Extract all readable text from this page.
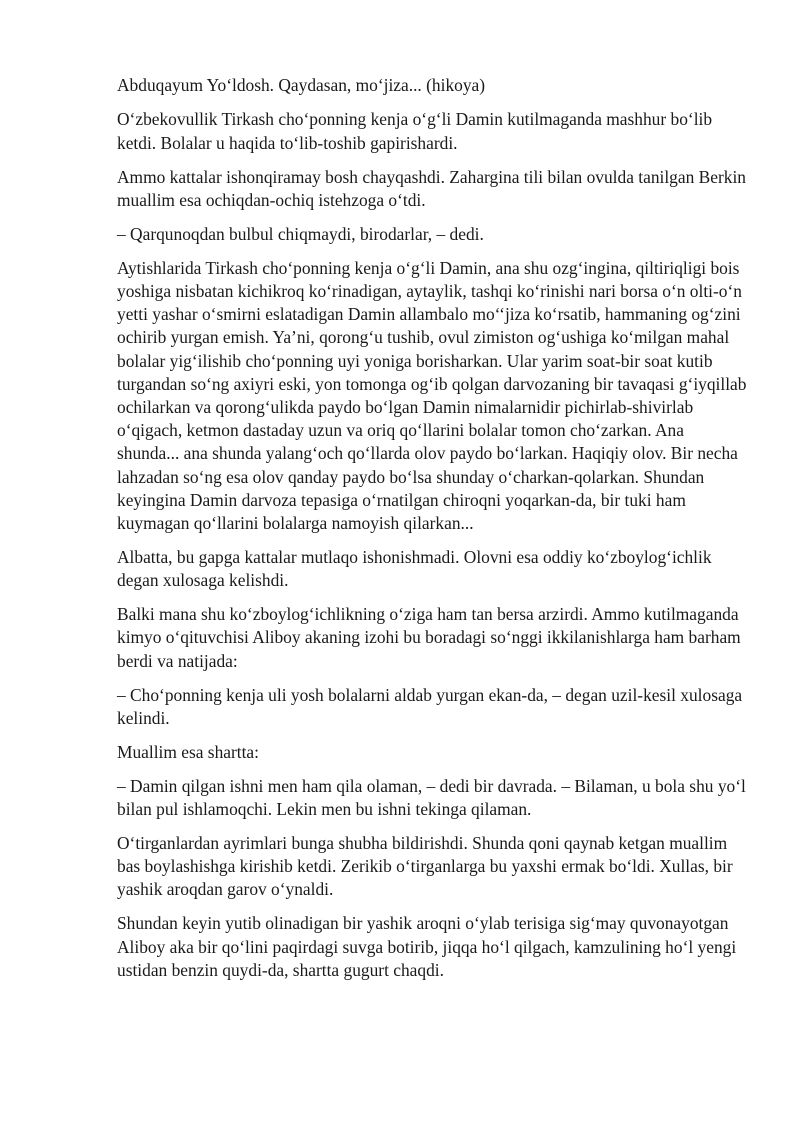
Abduqayum Yo‘ldosh. Qaydasan, mo‘jiza... (hikoya)

O‘zbekovullik Tirkash cho‘ponning kenja o‘g‘li Damin kutilmaganda mashhur bo‘lib ketdi. Bolalar u haqida to‘lib-toshib gapirishardi.

Ammo kattalar ishonqiramay bosh chayqashdi. Zahargina tili bilan ovulda tanilgan Berkin muallim esa ochiqdan-ochiq istehzoga o‘tdi.

– Qarqunoqdan bulbul chiqmaydi, birodarlar, – dedi.

Aytishlarida Tirkash cho‘ponning kenja o‘g‘li Damin, ana shu ozg‘ingina, qiltiriqligi bois yoshiga nisbatan kichikroq ko‘rinadigan, aytaylik, tashqi ko‘rinishi nari borsa o‘n olti-o‘n yetti yashar o‘smirni eslatadigan Damin allambalo mo‘‘jiza ko‘rsatib, hammaning og‘zini ochirib yurgan emish. Ya’ni, qorong‘u tushib, ovul zimiston og‘ushiga ko‘milgan mahal bolalar yig‘ilishib cho‘ponning uyi yoniga borisharkan. Ular yarim soat-bir soat kutib turgandan so‘ng axiyri eski, yon tomonga og‘ib qolgan darvozaning bir tavaqasi g‘iyqillab ochilarkan va qorong‘ulikda paydo bo‘lgan Damin nimalarnidir pichirlab-shivirlab o‘qigach, ketmon dastaday uzun va oriq qo‘llarini bolalar tomon cho‘zarkan. Ana shunda... ana shunda yalang‘och qo‘llarda olov paydo bo‘larkan. Haqiqiy olov. Bir necha lahzadan so‘ng esa olov qanday paydo bo‘lsa shunday o‘charkan-qolarkan. Shundan keyingina Damin darvoza tepasiga o‘rnatilgan chiroqni yoqarkan-da, bir tuki ham kuymagan qo‘llarini bolalarga namoyish qilarkan...

Albatta, bu gapga kattalar mutlaqo ishonishmadi. Olovni esa oddiy ko‘zboylog‘ichlik degan xulosaga kelishdi.

Balki mana shu ko‘zboylog‘ichlikning o‘ziga ham tan bersa arzirdi. Ammo kutilmaganda kimyo o‘qituvchisi Aliboy akaning izohi bu boradagi so‘nggi ikkilanishlarga ham barham berdi va natijada:

– Cho‘ponning kenja uli yosh bolalarni aldab yurgan ekan-da, – degan uzil-kesil xulosaga kelindi.

Muallim esa shartta:

– Damin qilgan ishni men ham qila olaman, – dedi bir davrada. – Bilaman, u bola shu yo‘l bilan pul ishlamoqchi. Lekin men bu ishni tekinga qilaman.

O‘tirganlardan ayrimlari bunga shubha bildirishdi. Shunda qoni qaynab ketgan muallim bas boylashishga kirishib ketdi. Zerikib o‘tirganlarga bu yaxshi ermak bo‘ldi. Xullas, bir yashik aroqdan garov o‘ynaldi.

Shundan keyin yutib olinadigan bir yashik aroqni o‘ylab terisiga sig‘may quvonayotgan Aliboy aka bir qo‘lini paqirdagi suvga botirib, jiqqa ho‘l qilgach, kamzulining ho‘l yengi ustidan benzin quydi-da, shartta gugurt chaqdi.
